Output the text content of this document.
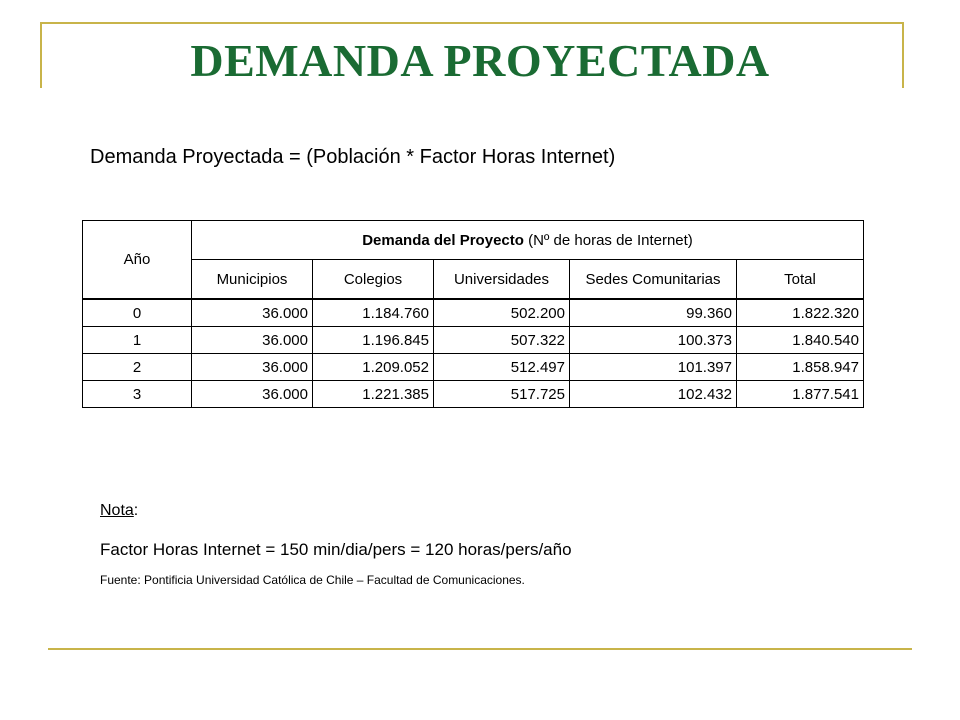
DEMANDA PROYECTADA
Demanda Proyectada = (Población * Factor Horas Internet)
Año	Demanda del Proyecto (Nº de horas de Internet)				
	Municipios	Colegios	Universidades	Sedes Comunitarias	Total
0	36.000	1.184.760	502.200	99.360	1.822.320
1	36.000	1.196.845	507.322	100.373	1.840.540
2	36.000	1.209.052	512.497	101.397	1.858.947
3	36.000	1.221.385	517.725	102.432	1.877.541
Nota:
Factor Horas Internet = 150 min/dia/pers = 120 horas/pers/año
Fuente: Pontificia Universidad Católica de Chile – Facultad de Comunicaciones.
